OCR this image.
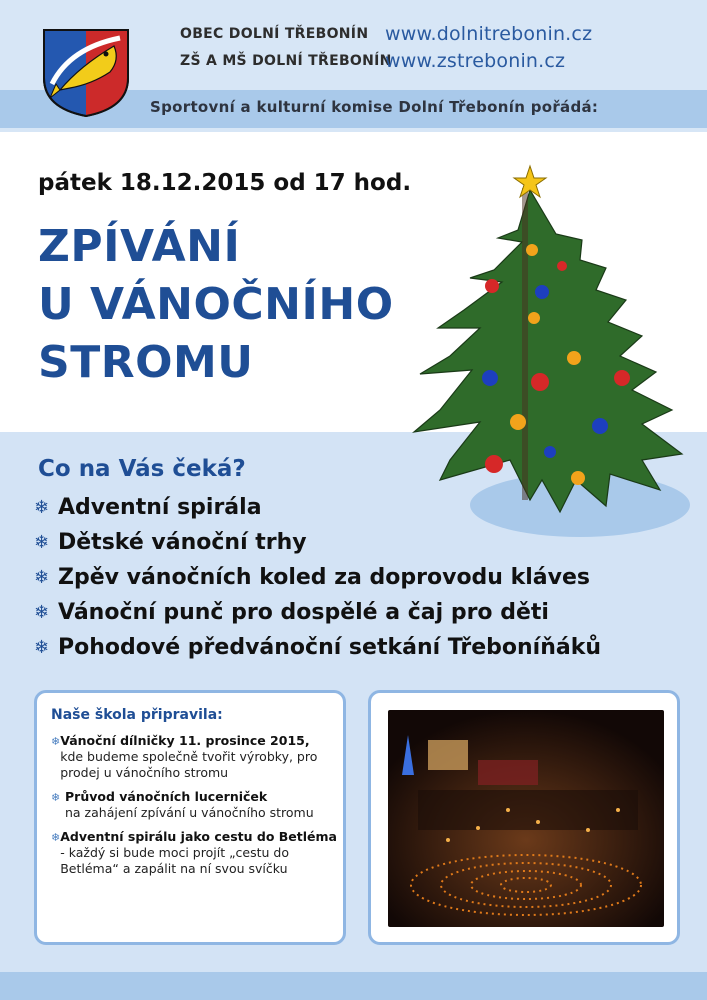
OBEC DOLNÍ TŘEBONÍN
ZŠ A MŠ DOLNÍ TŘEBONÍN
www.dolnitrebonin.cz
www.zstrebonin.cz
Sportovní a kulturní komise Dolní Třebonín pořádá:
pátek 18.12.2015 od 17 hod.
ZPÍVÁNÍ
U VÁNOČNÍHO
STROMU
Co na Vás čeká?
❄ Adventní spirála
❄ Dětské vánoční trhy
❄ Zpěv vánočních koled za doprovodu kláves
❄ Vánoční punč pro dospělé a čaj pro děti
❄ Pohodové předvánoční setkání Třeboníňáků
Naše škola připravila:
❄ Vánoční dílničky 11. prosince 2015,
kde budeme společně tvořit výrobky, pro prodej u vánočního stromu
❄ Průvod vánočních lucerniček
na zahájení zpívání u vánočního stromu
❄ Adventní spirálu jako cestu do Betléma - každý si bude moci projít „cestu do Betléma“ a zapálit na ní svou svíčku
